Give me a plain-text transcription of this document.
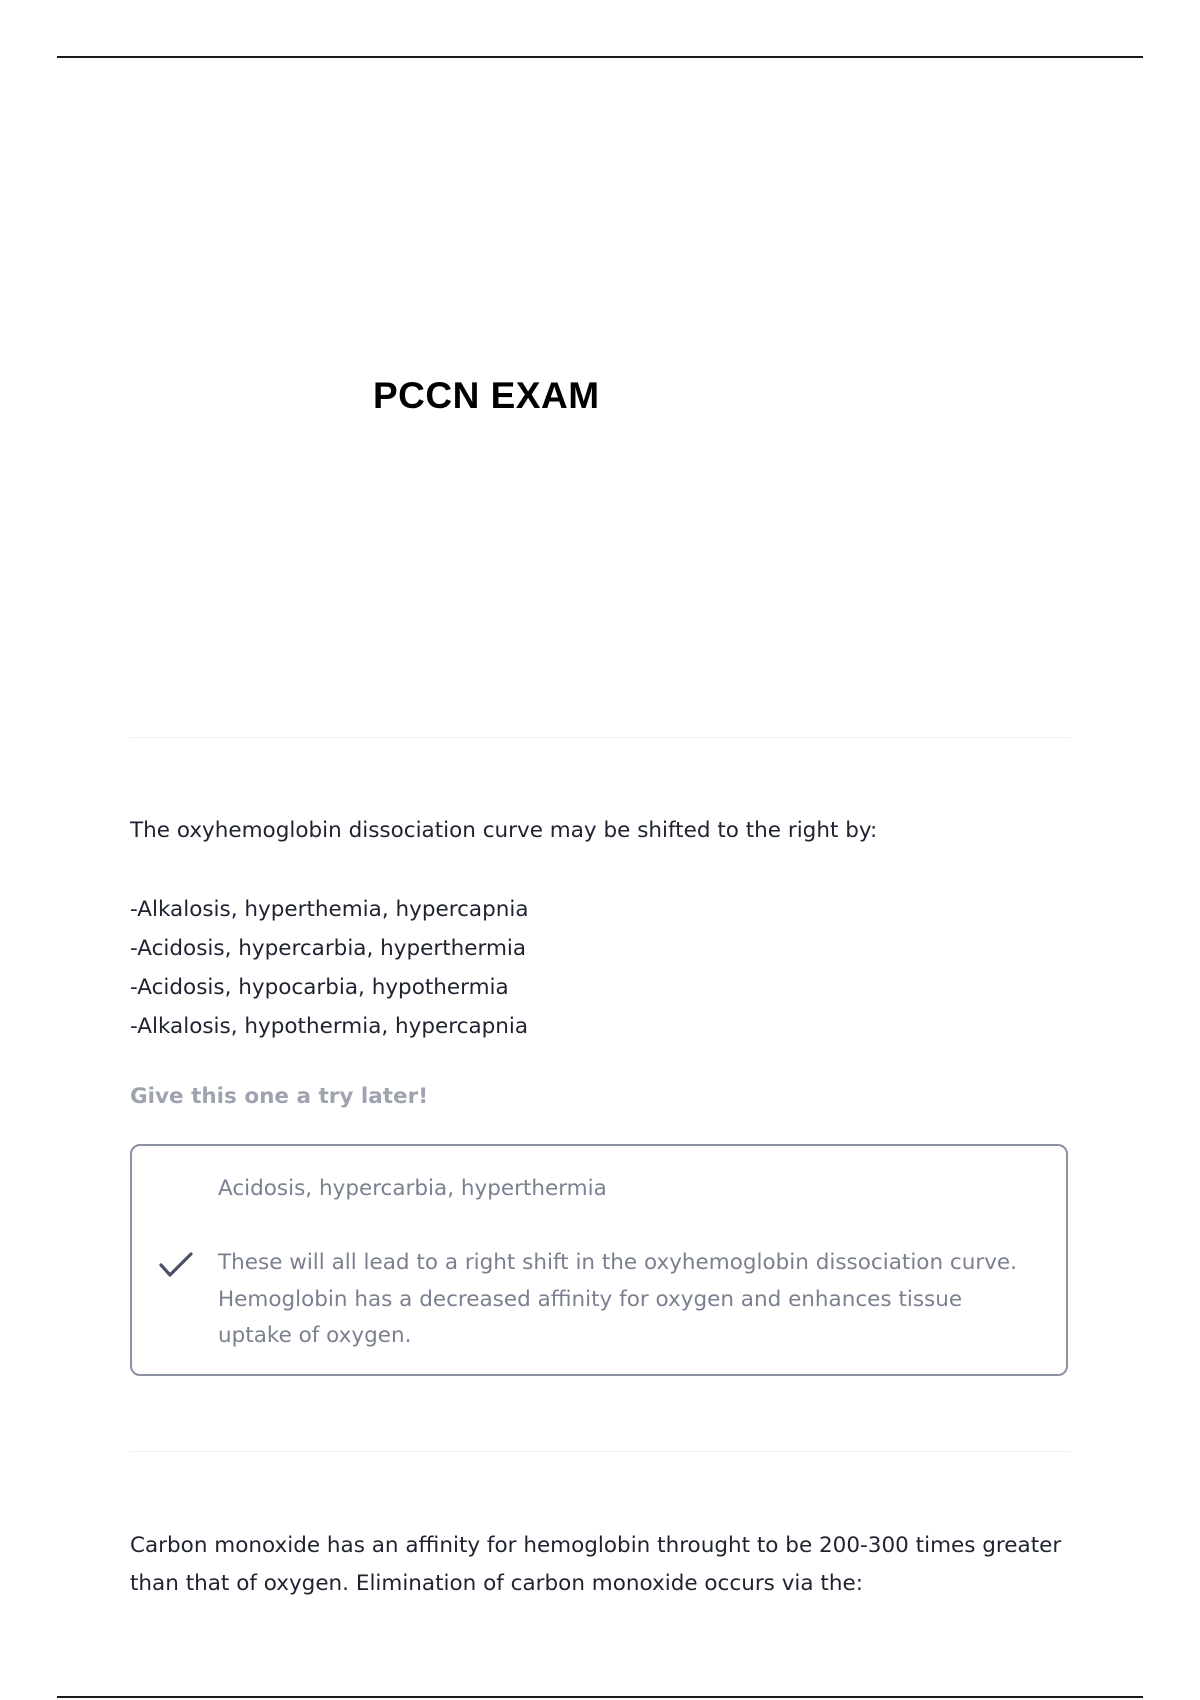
PCCN EXAM

The oxyhemoglobin dissociation curve may be shifted to the right by:

-Alkalosis, hyperthemia, hypercapnia
-Acidosis, hypercarbia, hyperthermia
-Acidosis, hypocarbia, hypothermia
-Alkalosis, hypothermia, hypercapnia
Give this one a try later!
Acidosis, hypercarbia, hyperthermia

These will all lead to a right shift in the oxyhemoglobin dissociation curve. Hemoglobin has a decreased affinity for oxygen and enhances tissue uptake of oxygen.

Carbon monoxide has an affinity for hemoglobin throught to be 200-300 times greater than that of oxygen. Elimination of carbon monoxide occurs via the:
